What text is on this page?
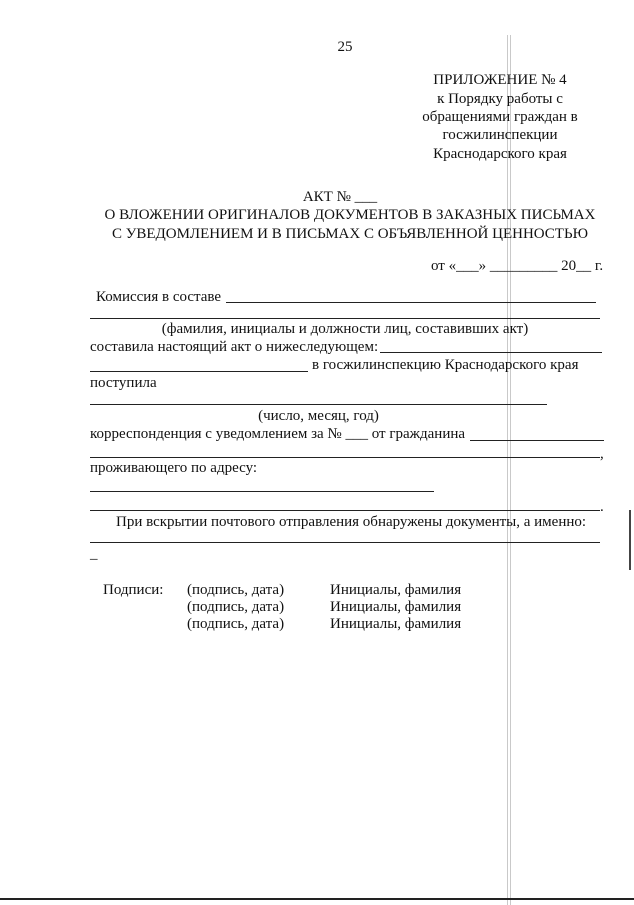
25
ПРИЛОЖЕНИЕ № 4
к Порядку работы с
обращениями граждан в
госжилинспекции
Краснодарского края
АКТ № ___
О ВЛОЖЕНИИ ОРИГИНАЛОВ ДОКУМЕНТОВ В ЗАКАЗНЫХ ПИСЬМАХ
С УВЕДОМЛЕНИЕМ И В ПИСЬМАХ С ОБЪЯВЛЕННОЙ ЦЕННОСТЬЮ
от «___» _________ 20__ г.
Комиссия в составе
(фамилия, инициалы и должности лиц, составивших акт)
составила настоящий акт о нижеследующем:
в госжилинспекцию Краснодарского края
поступила
(число, месяц, год)
корреспонденция с уведомлением за № ___ от гражданина
,
проживающего по адресу:
.
При вскрытии почтового отправления обнаружены документы, а именно:
–
Подписи: (подпись, дата)	Инициалы, фамилия
(подпись, дата)	Инициалы, фамилия
(подпись, дата)	Инициалы, фамилия
